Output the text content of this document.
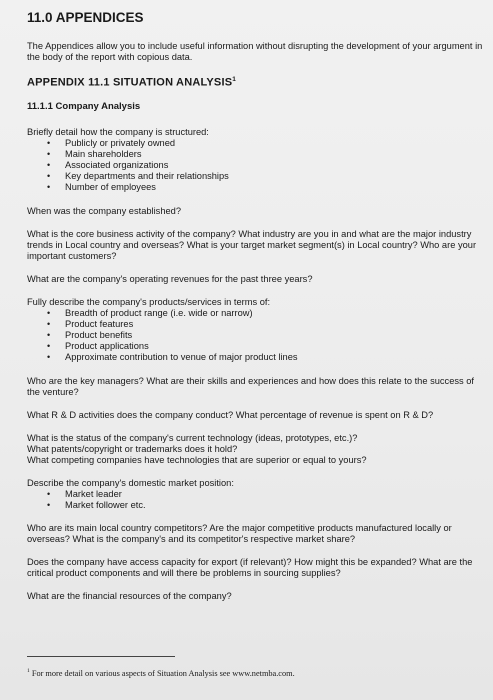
11.0 APPENDICES

The Appendices allow you to include useful information without disrupting the development of your argument in the body of the report with copious data.

APPENDIX 11.1 SITUATION ANALYSIS$^1$
11.1.1 Company Analysis

Briefly detail how the company is structured:

• Publicly or privately owned
• Main shareholders
• Associated organizations
• Key departments and their relationships
• Number of employees

When was the company established?

What is the core business activity of the company? What industry are you in and what are the major industry trends in Local country and overseas? What is your target market segment(s) in Local country? Who are your important customers?

What are the company's operating revenues for the past three years?

Fully describe the company's products/services in terms of:

• Breadth of product range (i.e. wide or narrow)
• Product features
• Product benefits
• Product applications
• Approximate contribution to venue of major product lines

Who are the key managers? What are their skills and experiences and how does this relate to the success of the venture?

What R & D activities does the company conduct? What percentage of revenue is spent on R & D?

What is the status of the company's current technology (ideas, prototypes, etc.)?

What patents/copyright or trademarks does it hold?

What competing companies have technologies that are superior or equal to yours?

Describe the company's domestic market position:

• Market leader
• Market follower etc.

Who are its main local country competitors? Are the major competitive products manufactured locally or overseas? What is the company's and its competitor's respective market share?

Does the company have access capacity for export (if relevant)? How might this be expanded? What are the critical product components and will there be problems in sourcing supplies?

What are the financial resources of the company?

$^1$ For more detail on various aspects of Situation Analysis see www.netmba.com.
